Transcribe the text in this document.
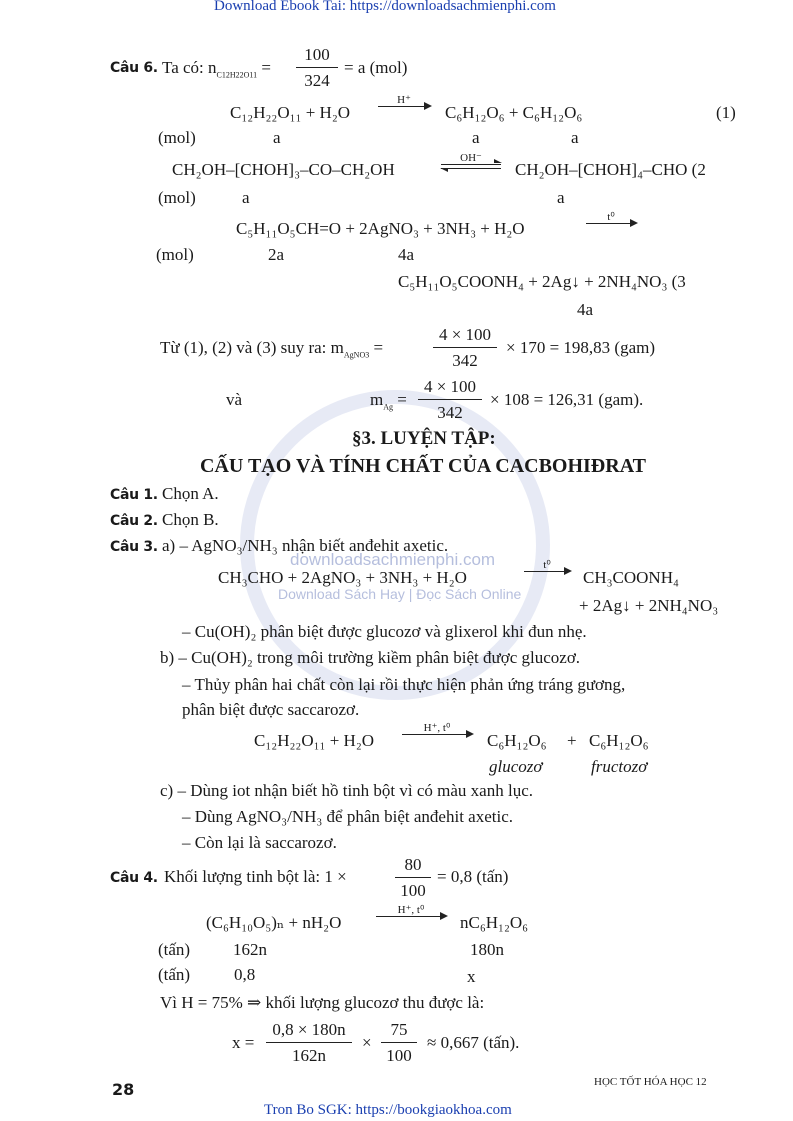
downloadsachmienphi.com
Download Sách Hay | Đọc Sách Online
Download Ebook Tai: https://downloadsachmienphi.com
Câu 6. Ta có: $n_{C12H22O11} = \frac{100}{324} = a$ (mol)
C₁₂H₂₂O₁₁ + H₂O
H⁺
C₆H₁₂O₆ + C₆H₁₂O₆	(1)
(mol)	a	a	a
CH₂OH–[CHOH]₃–CO–CH₂OH
OH⁻
CH₂OH–[CHOH]₄–CHO (2
(mol)	a	a
C₅H₁₁O₅CH=O + 2AgNO₃ + 3NH₃ + H₂O
t⁰
(mol)	2a	4a
C₅H₁₁O₅COONH₄ + 2Ag↓ + 2NH₄NO₃ (3
4a
Từ (1), (2) và (3) suy ra: $m_{AgNO3}$ =	$\frac{4 \times 100}{342} \times 170 = 198,83$ (gam)
và	$m_{Ag} = \frac{4 \times 100}{342} \times 108 = 126,31$ (gam).
§3. LUYỆN TẬP:
CẤU TẠO VÀ TÍNH CHẤT CỦA CACBOHIĐRAT
Câu 1. Chọn A.
Câu 2. Chọn B.
Câu 3. a) – AgNO₃/NH₃ nhận biết anđehit axetic.
CH₃CHO + 2AgNO₃ + 3NH₃ + H₂O
t⁰
CH₃COONH₄
+ 2Ag↓ + 2NH₄NO₃
– Cu(OH)₂ phân biệt được glucozơ và glixerol khi đun nhẹ.
b) – Cu(OH)₂ trong môi trường kiềm phân biệt được glucozơ.
– Thủy phân hai chất còn lại rồi thực hiện phản ứng tráng gương,
phân biệt được saccarozơ.
C₁₂H₂₂O₁₁ + H₂O
H⁺, t⁰
C₆H₁₂O₆ + C₆H₁₂O₆
glucozơ	fructozơ
c) – Dùng iot nhận biết hồ tinh bột vì có màu xanh lục.
– Dùng AgNO₃/NH₃ để phân biệt anđehit axetic.
– Còn lại là saccarozơ.
Câu 4. Khối lượng tinh bột là: 1 ×	$\frac{80}{100} = 0,8$ (tấn)
(C₆H₁₀O₅)ₙ + nH₂O
H⁺, t⁰
nC₆H₁₂O₆
(tấn)	162n	180n
(tấn)	0,8	x
Vì H = 75% ⇒ khối lượng glucozơ thu được là:
$x = \frac{0,8 \times 180n}{162n} \times \frac{75}{100} \approx 0,667$ (tấn).
28	HỌC TỐT HÓA HỌC 12
Tron Bo SGK: https://bookgiaokhoa.com
